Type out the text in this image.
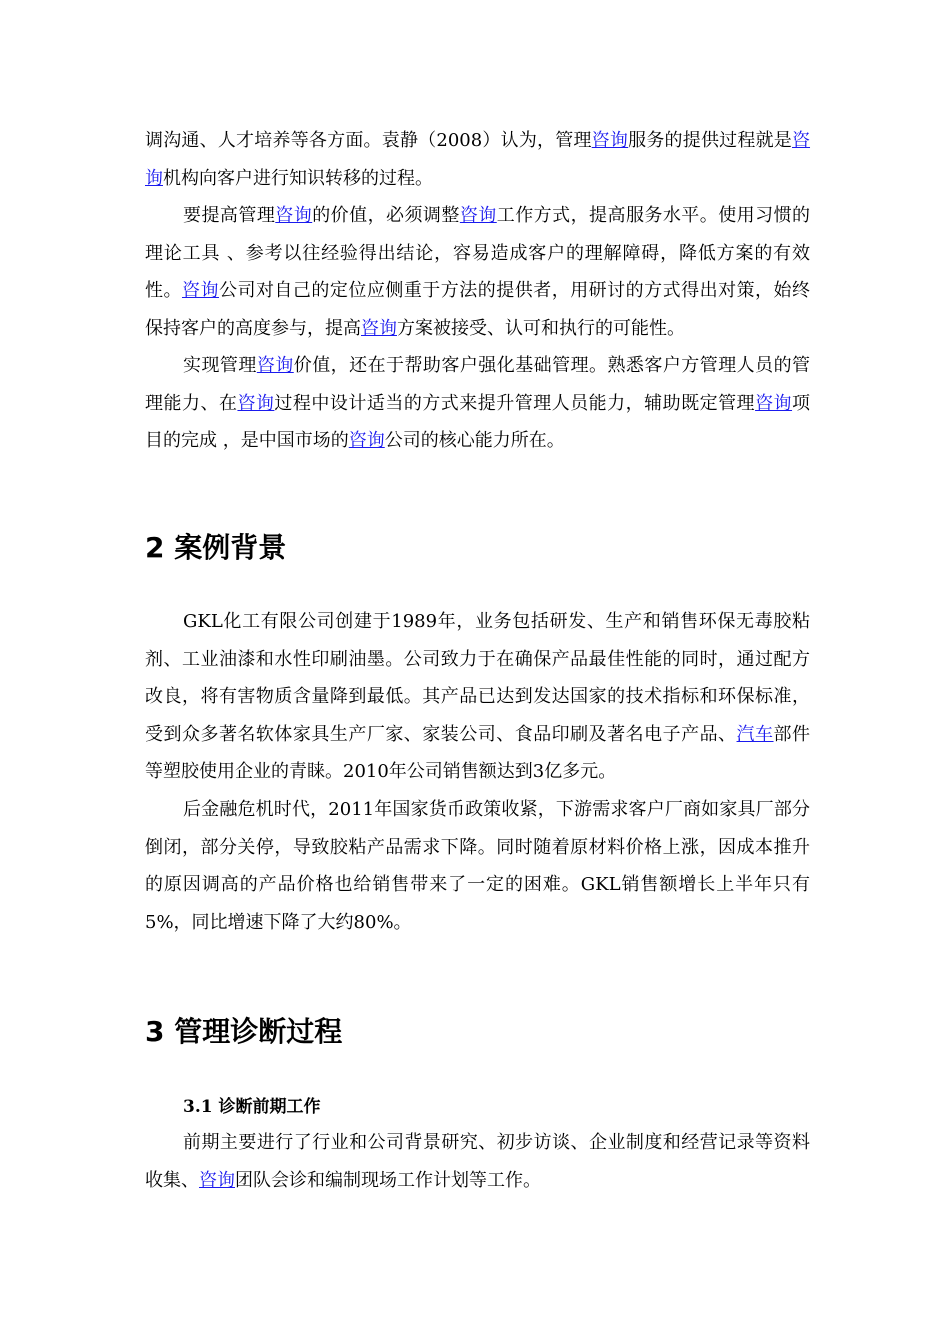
调沟通、人才培养等各方面。袁静（2008）认为，管理咨询服务的提供过程就是咨询机构向客户进行知识转移的过程。

要提高管理咨询的价值，必须调整咨询工作方式，提高服务水平。使用习惯的理论工具 、参考以往经验得出结论，容易造成客户的理解障碍，降低方案的有效性。咨询公司对自己的定位应侧重于方法的提供者，用研讨的方式得出对策，始终保持客户的高度参与，提高咨询方案被接受、认可和执行的可能性。

实现管理咨询价值，还在于帮助客户强化基础管理。熟悉客户方管理人员的管理能力、在咨询过程中设计适当的方式来提升管理人员能力，辅助既定管理咨询项目的完成 ，是中国市场的咨询公司的核心能力所在。

2 案例背景

GKL化工有限公司创建于1989年，业务包括研发、生产和销售环保无毒胶粘剂、工业油漆和水性印刷油墨。公司致力于在确保产品最佳性能的同时，通过配方改良，将有害物质含量降到最低。其产品已达到发达国家的技术指标和环保标准，受到众多著名软体家具生产厂家、家装公司、食品印刷及著名电子产品、汽车部件等塑胶使用企业的青睐。2010年公司销售额达到3亿多元。

后金融危机时代，2011年国家货币政策收紧，下游需求客户厂商如家具厂部分倒闭，部分关停，导致胶粘产品需求下降。同时随着原材料价格上涨，因成本推升的原因调高的产品价格也给销售带来了一定的困难。GKL销售额增长上半年只有5%，同比增速下降了大约80%。

3 管理诊断过程
3.1 诊断前期工作

前期主要进行了行业和公司背景研究、初步访谈、企业制度和经营记录等资料收集、咨询团队会诊和编制现场工作计划等工作。
